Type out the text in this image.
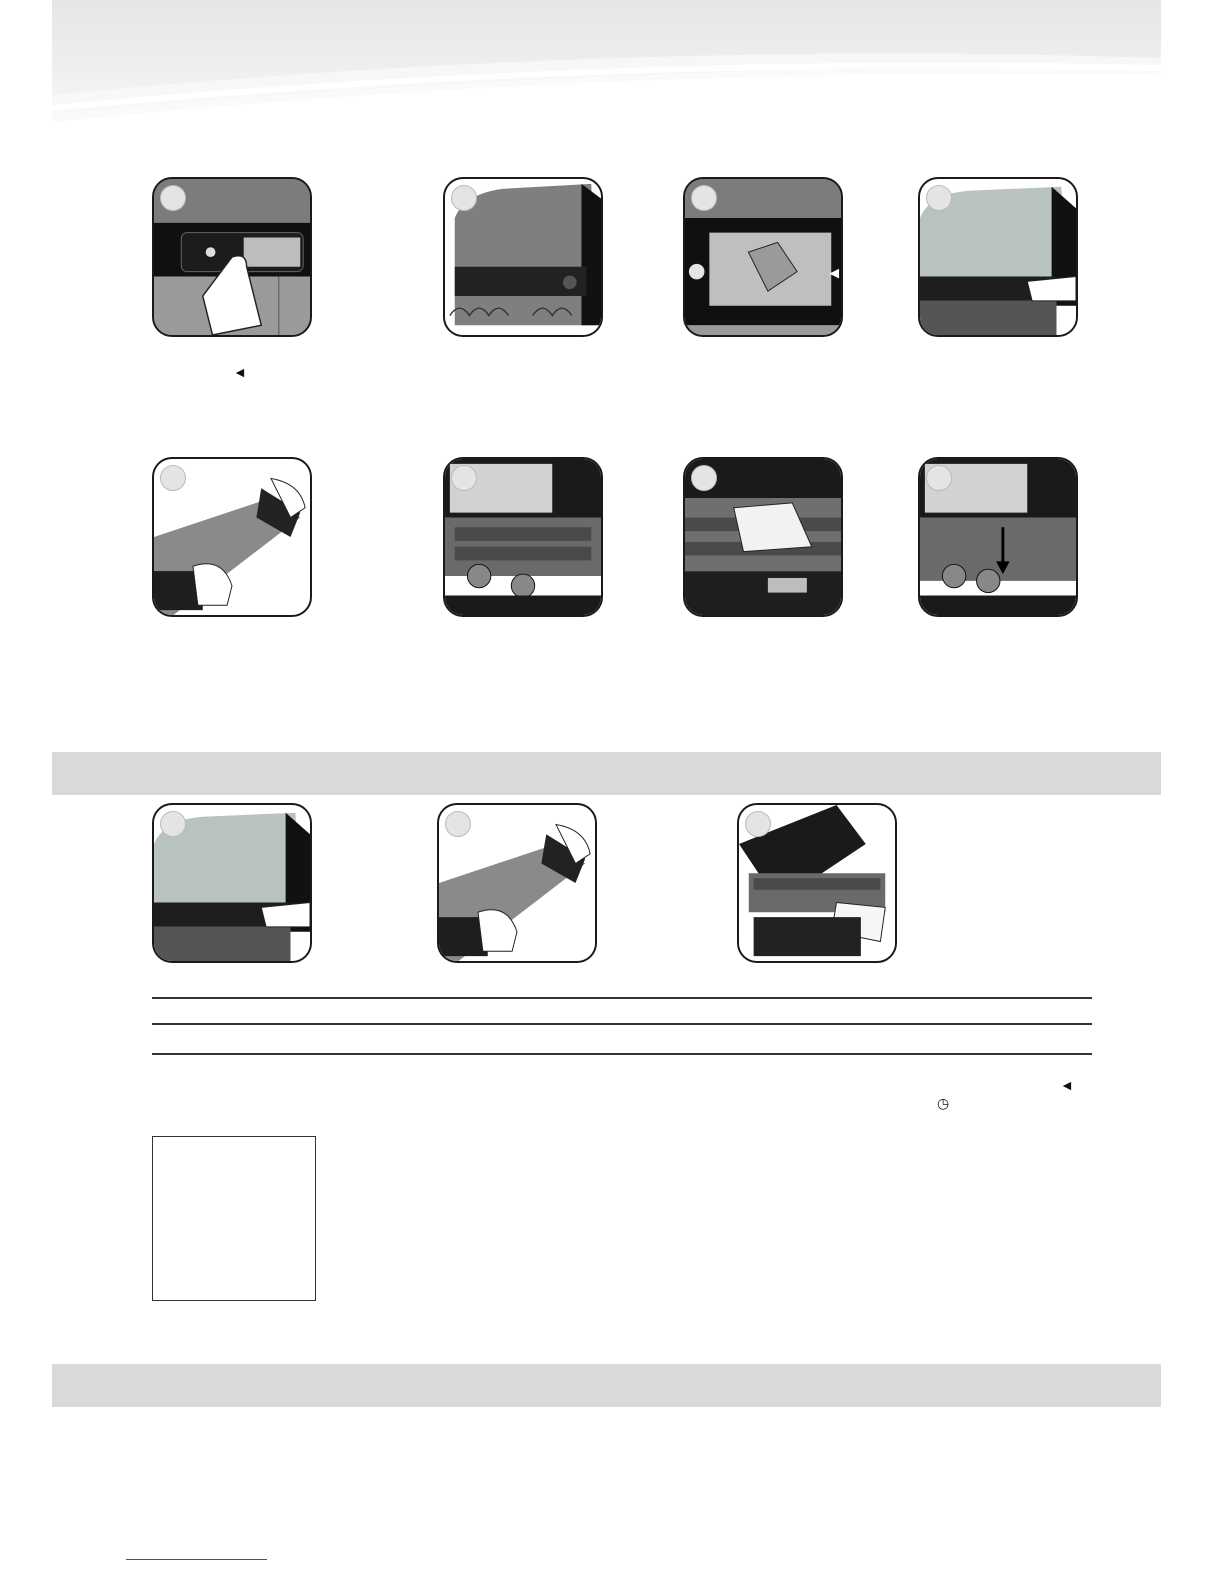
◄
◄
◷
